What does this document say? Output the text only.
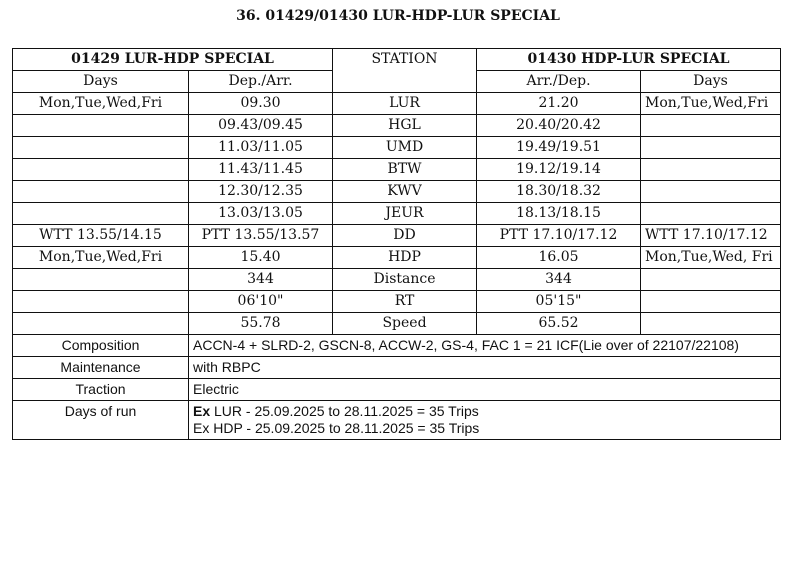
36. 01429/01430 LUR-HDP-LUR SPECIAL
01429 LUR-HDP SPECIAL		STATION	01430 HDP-LUR SPECIAL	
Days	Dep./Arr.		Arr./Dep.	Days
Mon,Tue,Wed,Fri	09.30	LUR	21.20	Mon,Tue,Wed,Fri
	09.43/09.45	HGL	20.40/20.42	
	11.03/11.05	UMD	19.49/19.51	
	11.43/11.45	BTW	19.12/19.14	
	12.30/12.35	KWV	18.30/18.32	
	13.03/13.05	JEUR	18.13/18.15	
WTT 13.55/14.15	PTT 13.55/13.57	DD	PTT 17.10/17.12	WTT 17.10/17.12
Mon,Tue,Wed,Fri	15.40	HDP	16.05	Mon,Tue,Wed, Fri
	344	Distance	344	
	06'10"	RT	05'15"	
	55.78	Speed	65.52	
Composition	ACCN-4 + SLRD-2, GSCN-8, ACCW-2, GS-4, FAC 1 = 21 ICF(Lie over of 22107/22108)			
Maintenance	with RBPC			
Traction	Electric			
Days of run	Ex LUR - 25.09.2025 to 28.11.2025 = 35 Trips
Ex HDP - 25.09.2025 to 28.11.2025 = 35 Trips			
